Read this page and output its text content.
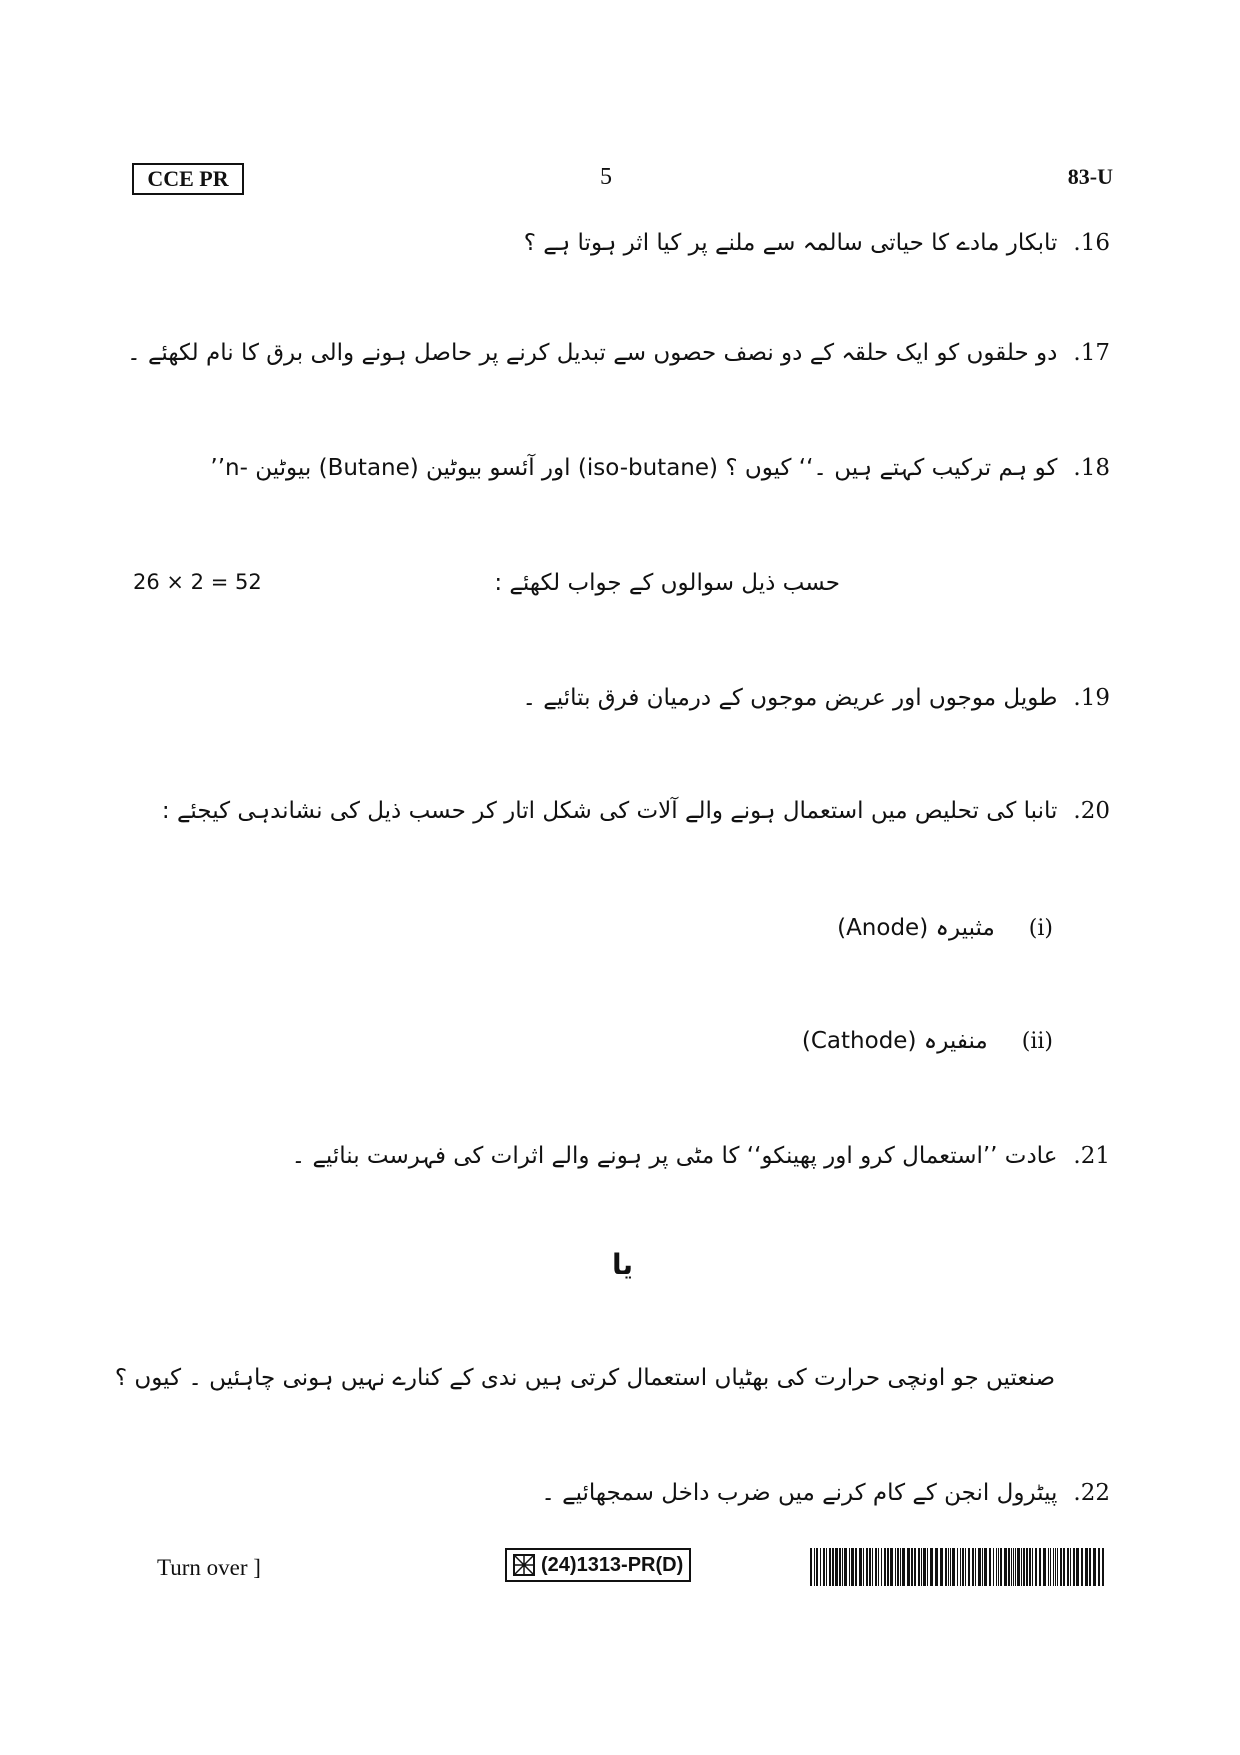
CCE PR	5	83-U
.16
تابکار مادے کا حیاتی سالمہ سے ملنے پر کیا اثر ہوتا ہے ؟
.17
دو حلقوں کو ایک حلقہ کے دو نصف حصوں سے تبدیل کرنے پر حاصل ہونے والی برق کا نام لکھئے ۔
.18
’’n- بیوٹین (Butane) اور آئسو بیوٹین (iso-butane) کو ہم ترکیب کہتے ہیں ۔‘‘ کیوں ؟
26 × 2 = 52	حسب ذیل سوالوں کے جواب لکھئے :
.19
طویل موجوں اور عریض موجوں کے درمیان فرق بتائیے ۔
.20
تانبا کی تحلیص میں استعمال ہونے والے آلات کی شکل اتار کر حسب ذیل کی نشاندہی کیجئے :
(i)
مثبیرہ (Anode)
(ii)
منفیرہ (Cathode)
.21
عادت ’’استعمال کرو اور پھینکو‘‘ کا مٹی پر ہونے والے اثرات کی فہرست بنائیے ۔
یا
صنعتیں جو اونچی حرارت کی بھٹیاں استعمال کرتی ہیں ندی کے کنارے نہیں ہونی چاہئیں ۔ کیوں ؟
.22
پیٹرول انجن کے کام کرنے میں ضرب داخل سمجھائیے ۔
Turn over ]	(24)1313-PR(D)
